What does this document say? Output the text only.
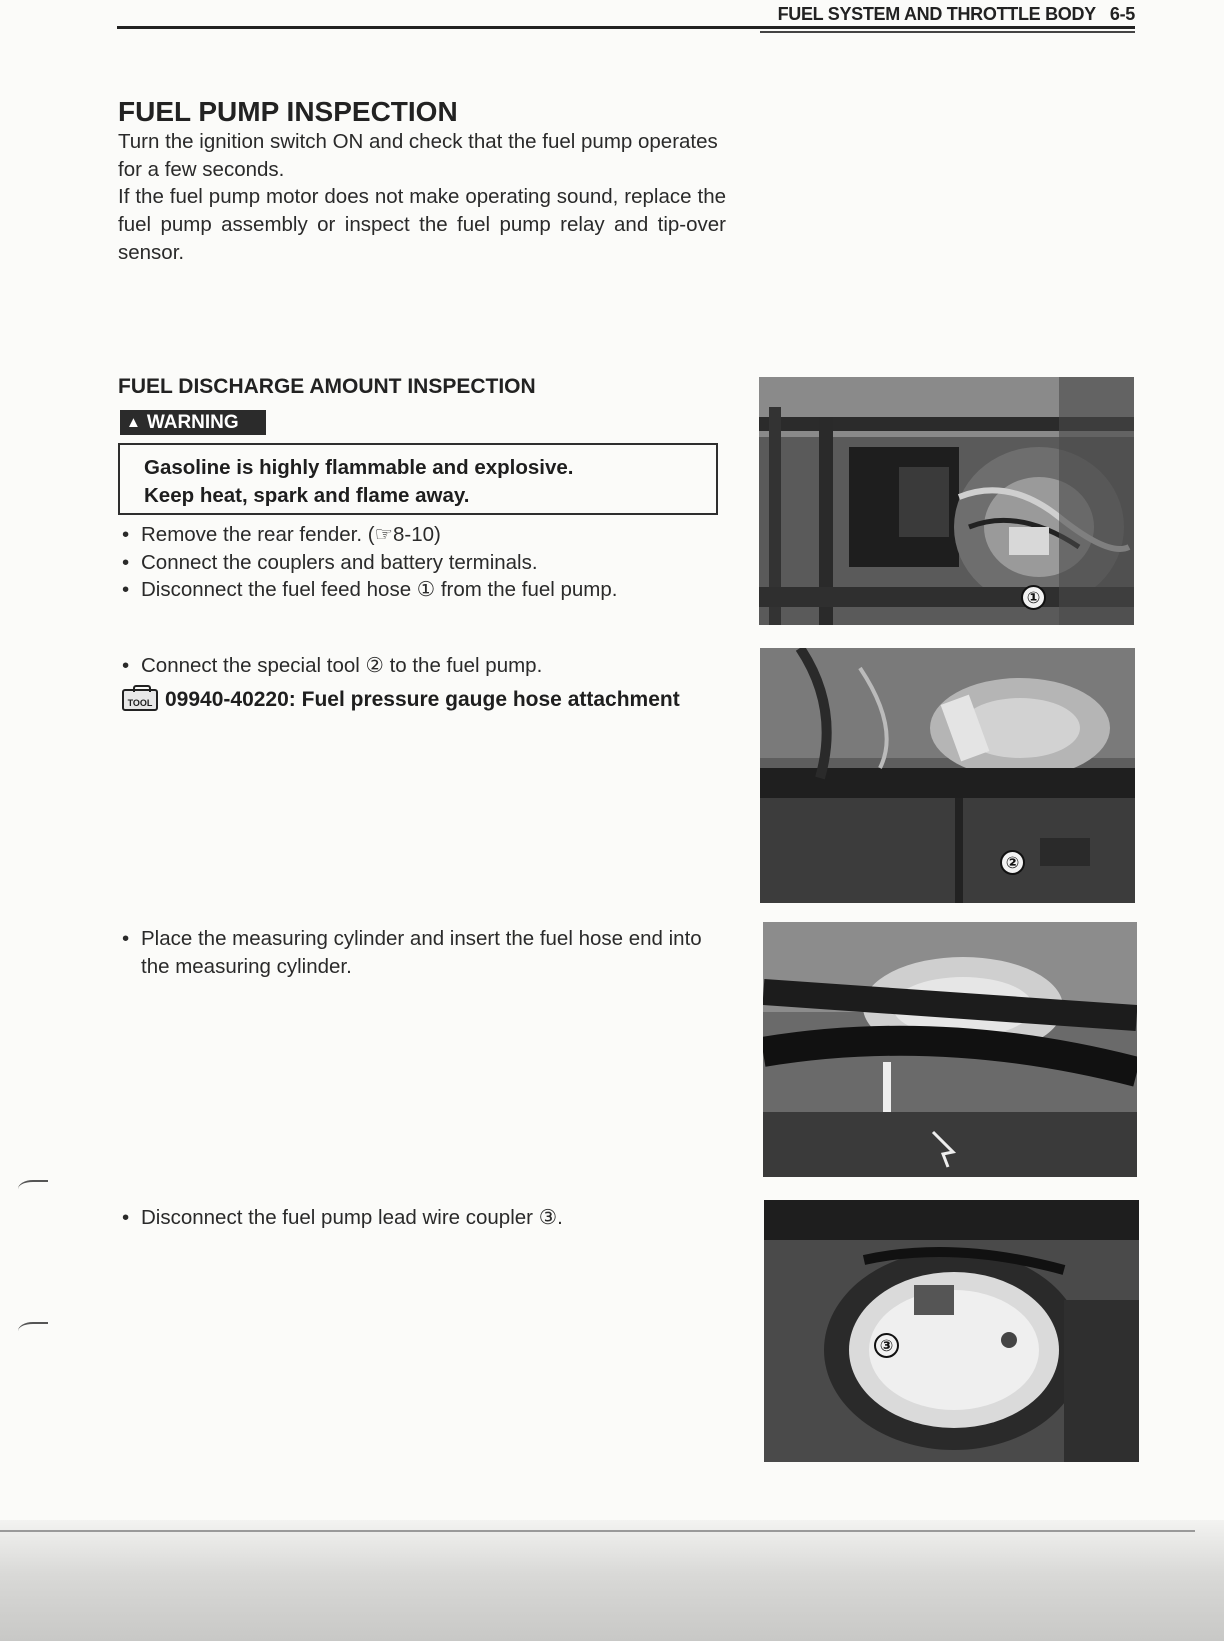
FUEL SYSTEM AND THROTTLE BODY 6-5
FUEL PUMP INSPECTION

Turn the ignition switch ON and check that the fuel pump operates for a few seconds.

If the fuel pump motor does not make operating sound, replace the fuel pump assembly or inspect the fuel pump relay and tip-over sensor.

FUEL DISCHARGE AMOUNT INSPECTION
▲ WARNING
Gasoline is highly flammable and explosive.
Keep heat, spark and flame away.
• Remove the rear fender. (☞8-10)
• Connect the couplers and battery terminals.
• Disconnect the fuel feed hose ① from the fuel pump.
• Connect the special tool ② to the fuel pump.
TOOL 09940-40220: Fuel pressure gauge hose attachment
• Place the measuring cylinder and insert the fuel hose end into
the measuring cylinder.
• Disconnect the fuel pump lead wire coupler ③.
①
②
③
